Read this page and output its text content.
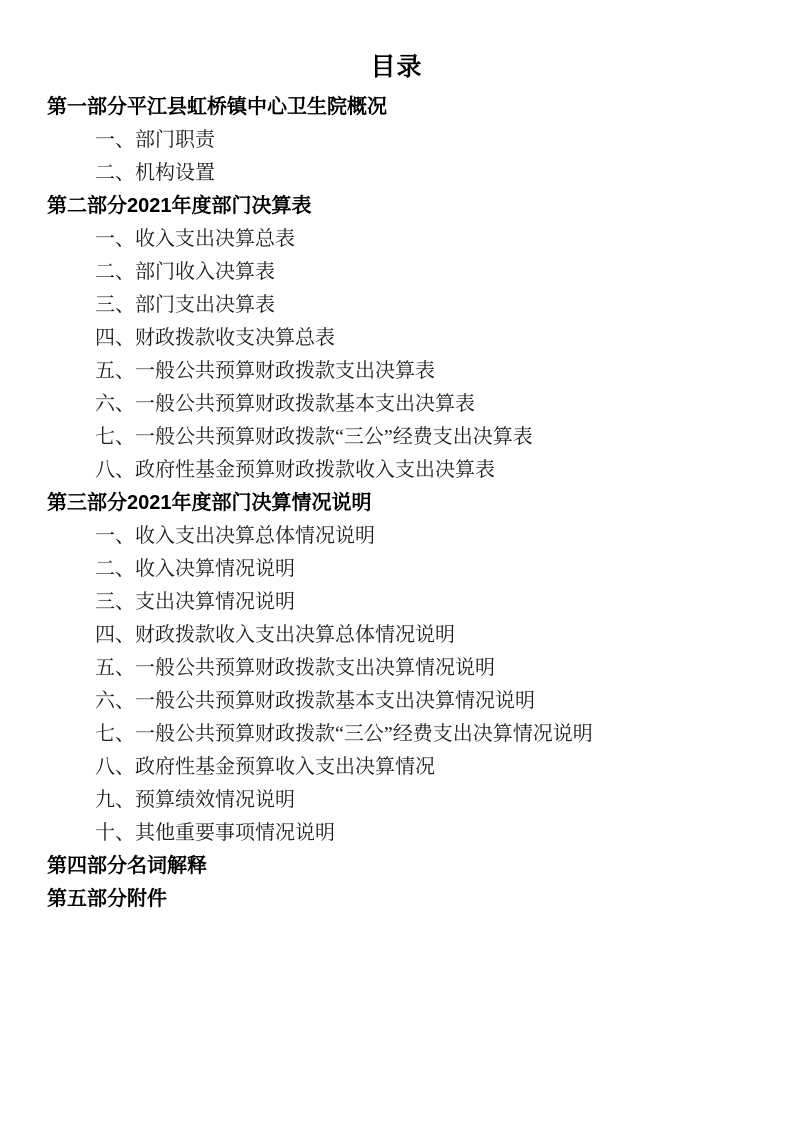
目录
第一部分平江县虹桥镇中心卫生院概况
一、部门职责
二、机构设置
第二部分2021年度部门决算表
一、收入支出决算总表
二、部门收入决算表
三、部门支出决算表
四、财政拨款收支决算总表
五、一般公共预算财政拨款支出决算表
六、一般公共预算财政拨款基本支出决算表
七、一般公共预算财政拨款“三公”经费支出决算表
八、政府性基金预算财政拨款收入支出决算表
第三部分2021年度部门决算情况说明
一、收入支出决算总体情况说明
二、收入决算情况说明
三、支出决算情况说明
四、财政拨款收入支出决算总体情况说明
五、一般公共预算财政拨款支出决算情况说明
六、一般公共预算财政拨款基本支出决算情况说明
七、一般公共预算财政拨款“三公”经费支出决算情况说明
八、政府性基金预算收入支出决算情况
九、预算绩效情况说明
十、其他重要事项情况说明
第四部分名词解释
第五部分附件
